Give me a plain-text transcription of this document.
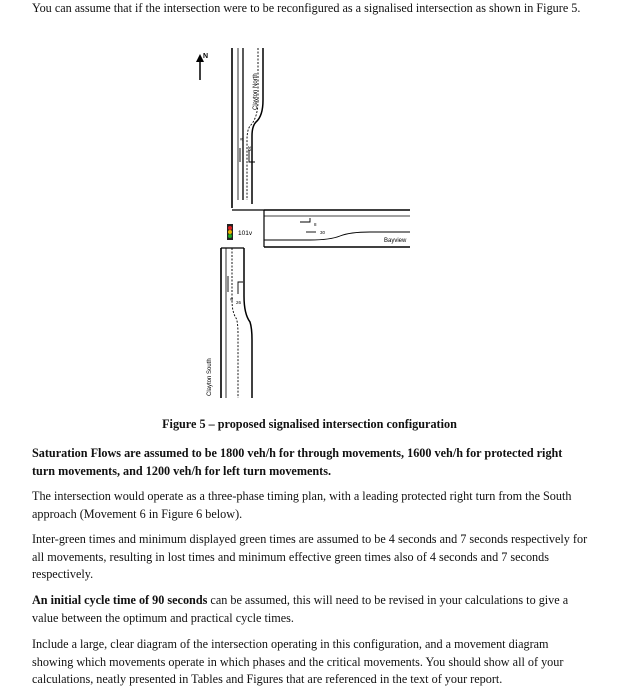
You can assume that if the intersection were to be reconfigured as a signalised intersection as shown in Figure 5.

N
30
8
Clayton North
30
8
Bayview
101v
26
8
Clayton South
Figure 5 – proposed signalised intersection configuration

Saturation Flows are assumed to be 1800 veh/h for through movements, 1600 veh/h for protected right turn movements, and 1200 veh/h for left turn movements.

The intersection would operate as a three-phase timing plan, with a leading protected right turn from the South approach (Movement 6 in Figure 6 below).

Inter-green times and minimum displayed green times are assumed to be 4 seconds and 7 seconds respectively for all movements, resulting in lost times and minimum effective green times also of 4 seconds and 7 seconds respectively.

An initial cycle time of 90 seconds can be assumed, this will need to be revised in your calculations to give a value between the optimum and practical cycle times.

Include a large, clear diagram of the intersection operating in this configuration, and a movement diagram showing which movements operate in which phases and the critical movements. You should show all of your calculations, neatly presented in Tables and Figures that are referenced in the text of your report.
